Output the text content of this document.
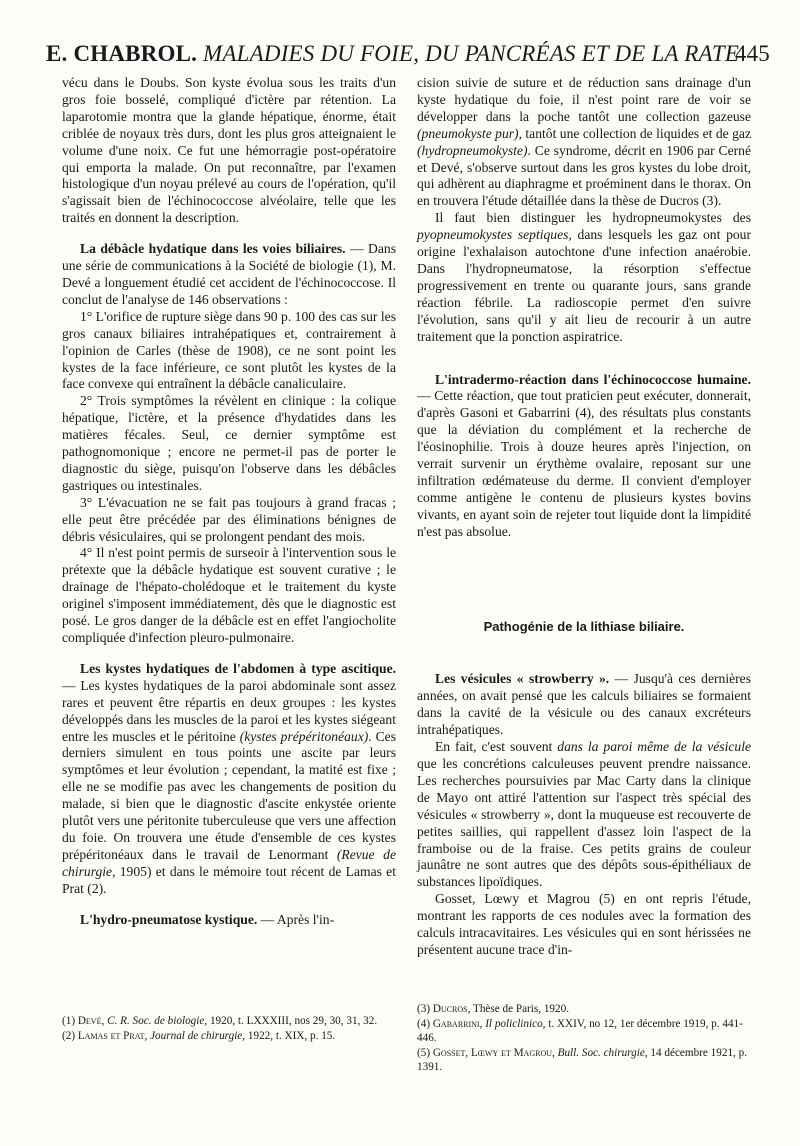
E. CHABROL. MALADIES DU FOIE, DU PANCRÉAS ET DE LA RATE
445

vécu dans le Doubs. Son kyste évolua sous les traits d'un gros foie bosselé, compliqué d'ictère par rétention. La laparotomie montra que la glande hépatique, énorme, était criblée de noyaux très durs, dont les plus gros atteignaient le volume d'une noix. Ce fut une hémorragie post-opératoire qui emporta la malade. On put reconnaître, par l'examen histologique d'un noyau prélevé au cours de l'opération, qu'il s'agissait bien de l'échinococcose alvéolaire, telle que les traités en donnent la description.

La débâcle hydatique dans les voies biliaires. — Dans une série de communications à la Société de biologie (1), M. Devé a longuement étudié cet accident de l'échinococcose. Il conclut de l'analyse de 146 observations :

1° L'orifice de rupture siège dans 90 p. 100 des cas sur les gros canaux biliaires intrahépatiques et, contrairement à l'opinion de Carles (thèse de 1908), ce ne sont point les kystes de la face inférieure, ce sont plutôt les kystes de la face convexe qui entraînent la débâcle canaliculaire.

2° Trois symptômes la révèlent en clinique : la colique hépatique, l'ictère, et la présence d'hydatides dans les matières fécales. Seul, ce dernier symptôme est pathognomonique ; encore ne permet-il pas de porter le diagnostic du siège, puisqu'on l'observe dans les débâcles gastriques ou intestinales.

3° L'évacuation ne se fait pas toujours à grand fracas ; elle peut être précédée par des éliminations bénignes de débris vésiculaires, qui se prolongent pendant des mois.

4° Il n'est point permis de surseoir à l'intervention sous le prétexte que la débâcle hydatique est souvent curative ; le drainage de l'hépato-cholédoque et le traitement du kyste originel s'imposent immédiatement, dès que le diagnostic est posé. Le gros danger de la débâcle est en effet l'angiocholite compliquée d'infection pleuro-pulmonaire.

Les kystes hydatiques de l'abdomen à type ascitique. — Les kystes hydatiques de la paroi abdominale sont assez rares et peuvent être répartis en deux groupes : les kystes développés dans les muscles de la paroi et les kystes siégeant entre les muscles et le péritoine (kystes prépéritonéaux). Ces derniers simulent en tous points une ascite par leurs symptômes et leur évolution ; cependant, la matité est fixe ; elle ne se modifie pas avec les changements de position du malade, si bien que le diagnostic d'ascite enkystée oriente plutôt vers une péritonite tuberculeuse que vers une affection du foie. On trouvera une étude d'ensemble de ces kystes prépéritonéaux dans le travail de Lenormant (Revue de chirurgie, 1905) et dans le mémoire tout récent de Lamas et Prat (2).

L'hydro-pneumatose kystique. — Après l'in-

(1) Devé, C. R. Soc. de biologie, 1920, t. LXXXIII, nos 29, 30, 31, 32.

(2) Lamas et Prat, Journal de chirurgie, 1922, t. XIX, p. 15.

cision suivie de suture et de réduction sans drainage d'un kyste hydatique du foie, il n'est point rare de voir se développer dans la poche tantôt une collection gazeuse (pneumokyste pur), tantôt une collection de liquides et de gaz (hydropneumokyste). Ce syndrome, décrit en 1906 par Cerné et Devé, s'observe surtout dans les gros kystes du lobe droit, qui adhèrent au diaphragme et proéminent dans le thorax. On en trouvera l'étude détaillée dans la thèse de Ducros (3).

Il faut bien distinguer les hydropneumokystes des pyopneumokystes septiques, dans lesquels les gaz ont pour origine l'exhalaison autochtone d'une infection anaérobie. Dans l'hydropneumatose, la résorption s'effectue progressivement en trente ou quarante jours, sans grande réaction fébrile. La radioscopie permet d'en suivre l'évolution, sans qu'il y ait lieu de recourir à un autre traitement que la ponction aspiratrice.

L'intradermo-réaction dans l'échinococcose humaine. — Cette réaction, que tout praticien peut exécuter, donnerait, d'après Gasoni et Gabarrini (4), des résultats plus constants que la déviation du complément et la recherche de l'éosinophilie. Trois à douze heures après l'injection, on verrait survenir un érythème ovalaire, reposant sur une infiltration œdémateuse du derme. Il convient d'employer comme antigène le contenu de plusieurs kystes bovins vivants, en ayant soin de rejeter tout liquide dont la limpidité n'est pas absolue.

Pathogénie de la lithiase biliaire.

Les vésicules « strowberry ». — Jusqu'à ces dernières années, on avait pensé que les calculs biliaires se formaient dans la cavité de la vésicule ou des canaux excréteurs intrahépatiques.

En fait, c'est souvent dans la paroi même de la vésicule que les concrétions calculeuses peuvent prendre naissance. Les recherches poursuivies par Mac Carty dans la clinique de Mayo ont attiré l'attention sur l'aspect très spécial des vésicules « strowberry », dont la muqueuse est recouverte de petites saillies, qui rappellent d'assez loin l'aspect de la framboise ou de la fraise. Ces petits grains de couleur jaunâtre ne sont autres que des dépôts sous-épithéliaux de substances lipoïdiques.

Gosset, Lœwy et Magrou (5) en ont repris l'étude, montrant les rapports de ces nodules avec la formation des calculs intracavitaires. Les vésicules qui en sont hérissées ne présentent aucune trace d'in-

(3) Ducros, Thèse de Paris, 1920.

(4) Gabarrini, Il policlinico, t. XXIV, no 12, 1er décembre 1919, p. 441-446.

(5) Gosset, Lœwy et Magrou, Bull. Soc. chirurgie, 14 décembre 1921, p. 1391.
